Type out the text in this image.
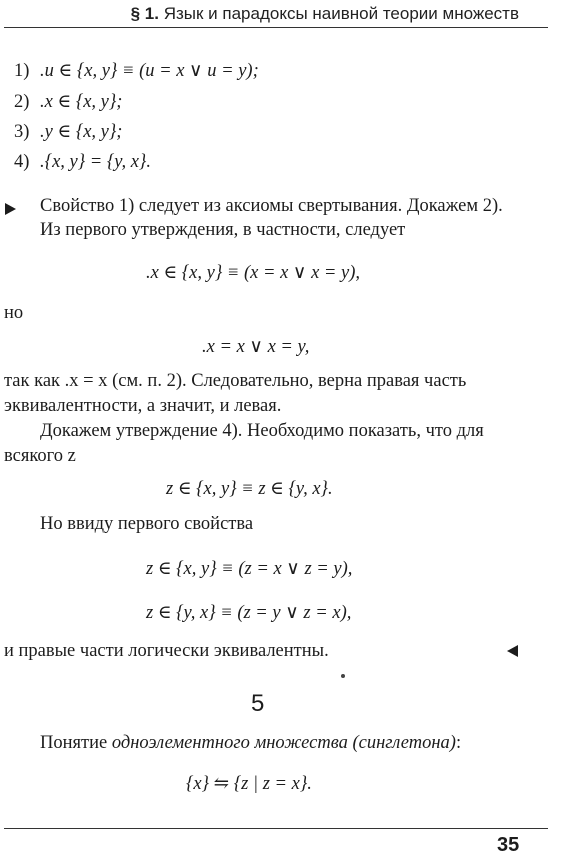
§ 1. Язык и парадоксы наивной теории множеств
1) .u ∈ {x, y} ≡ (u = x ∨ u = y);
2) .x ∈ {x, y};
3) .y ∈ {x, y};
4) .{x, y} = {y, x}.
Свойство 1) следует из аксиомы свертывания. Докажем 2).
Из первого утверждения, в частности, следует
.x ∈ {x, y} ≡ (x = x ∨ x = y),
но
.x = x ∨ x = y,
так как .x = x (см. п. 2). Следовательно, верна правая часть
эквивалентности, а значит, и левая.
Докажем утверждение 4). Необходимо показать, что для
всякого z
z ∈ {x, y} ≡ z ∈ {y, x}.
Но ввиду первого свойства
z ∈ {x, y} ≡ (z = x ∨ z = y),
z ∈ {y, x} ≡ (z = y ∨ z = x),
и правые части логически эквивалентны.
5
Понятие одноэлементного множества (синглетона):
{x} ⇋ {z | z = x}.
35
